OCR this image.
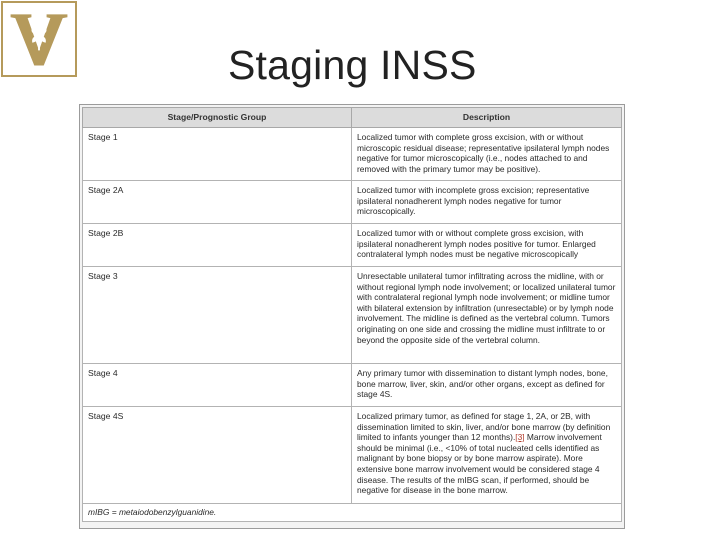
Staging INSS
Stage/Prognostic Group	Description
Stage 1	Localized tumor with complete gross excision, with or without microscopic residual disease; representative ipsilateral lymph nodes negative for tumor microscopically (i.e., nodes attached to and removed with the primary tumor may be positive).
Stage 2A	Localized tumor with incomplete gross excision; representative ipsilateral nonadherent lymph nodes negative for tumor microscopically.
Stage 2B	Localized tumor with or without complete gross excision, with ipsilateral nonadherent lymph nodes positive for tumor. Enlarged contralateral lymph nodes must be negative microscopically
Stage 3	Unresectable unilateral tumor infiltrating across the midline, with or without regional lymph node involvement; or localized unilateral tumor with contralateral regional lymph node involvement; or midline tumor with bilateral extension by infiltration (unresectable) or by lymph node involvement. The midline is defined as the vertebral column. Tumors originating on one side and crossing the midline must infiltrate to or beyond the opposite side of the vertebral column.
Stage 4	Any primary tumor with dissemination to distant lymph nodes, bone, bone marrow, liver, skin, and/or other organs, except as defined for stage 4S.
Stage 4S	Localized primary tumor, as defined for stage 1, 2A, or 2B, with dissemination limited to skin, liver, and/or bone marrow (by definition limited to infants younger than 12 months).[3] Marrow involvement should be minimal (i.e., <10% of total nucleated cells identified as malignant by bone biopsy or by bone marrow aspirate). More extensive bone marrow involvement would be considered stage 4 disease. The results of the mIBG scan, if performed, should be negative for disease in the bone marrow.
mIBG = metaiodobenzylguanidine.	
